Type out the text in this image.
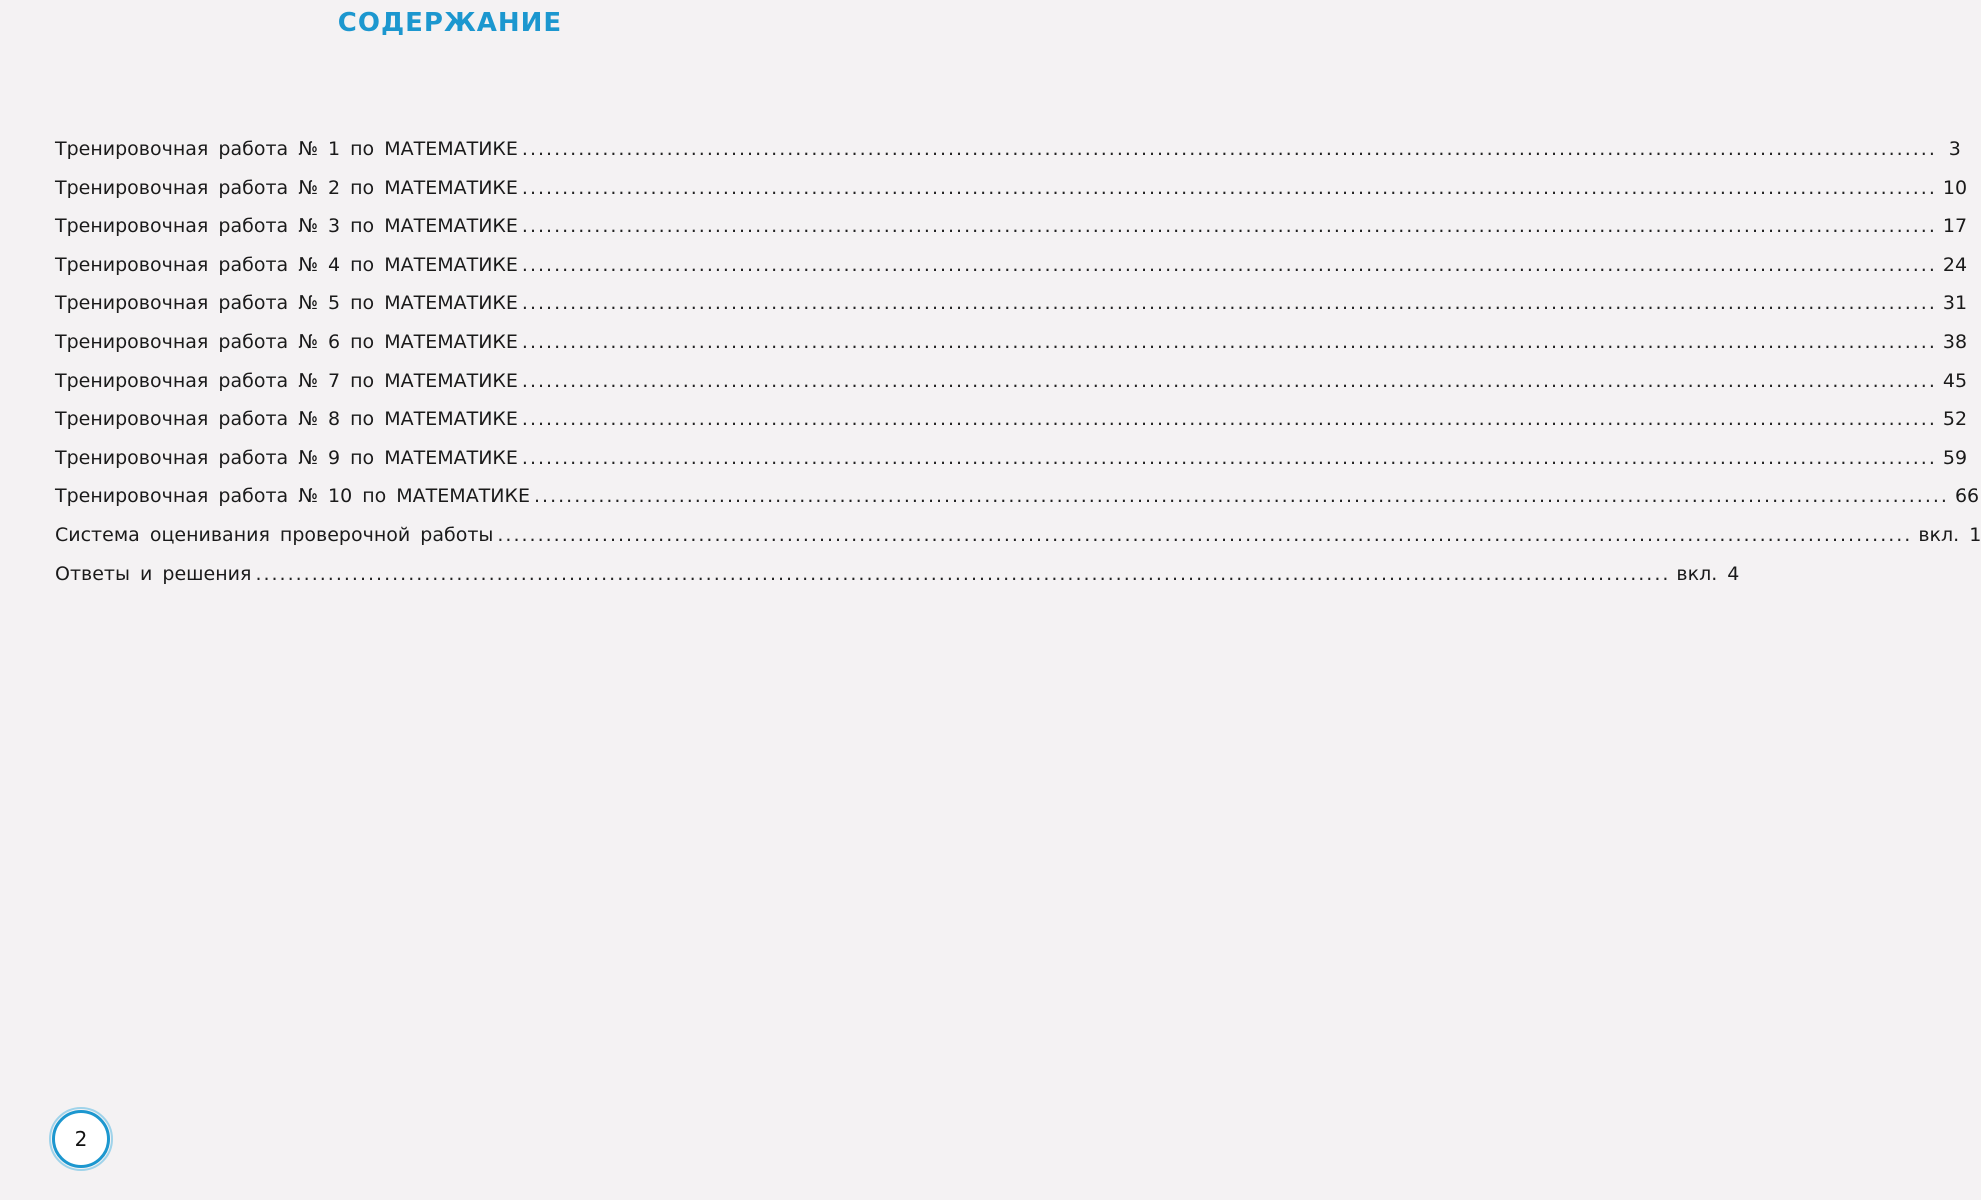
СОДЕРЖАНИЕ
Тренировочная работа № 1 по МАТЕМАТИКЕ .....	3
Тренировочная работа № 2 по МАТЕМАТИКЕ .....	10
Тренировочная работа № 3 по МАТЕМАТИКЕ .....	17
Тренировочная работа № 4 по МАТЕМАТИКЕ .....	24
Тренировочная работа № 5 по МАТЕМАТИКЕ .....	31
Тренировочная работа № 6 по МАТЕМАТИКЕ .....	38
Тренировочная работа № 7 по МАТЕМАТИКЕ .....	45
Тренировочная работа № 8 по МАТЕМАТИКЕ .....	52
Тренировочная работа № 9 по МАТЕМАТИКЕ .....	59
Тренировочная работа № 10 по МАТЕМАТИКЕ .....	66
Система оценивания проверочной работы .....	вкл. 1
Ответы и решения .....	вкл. 4
2
